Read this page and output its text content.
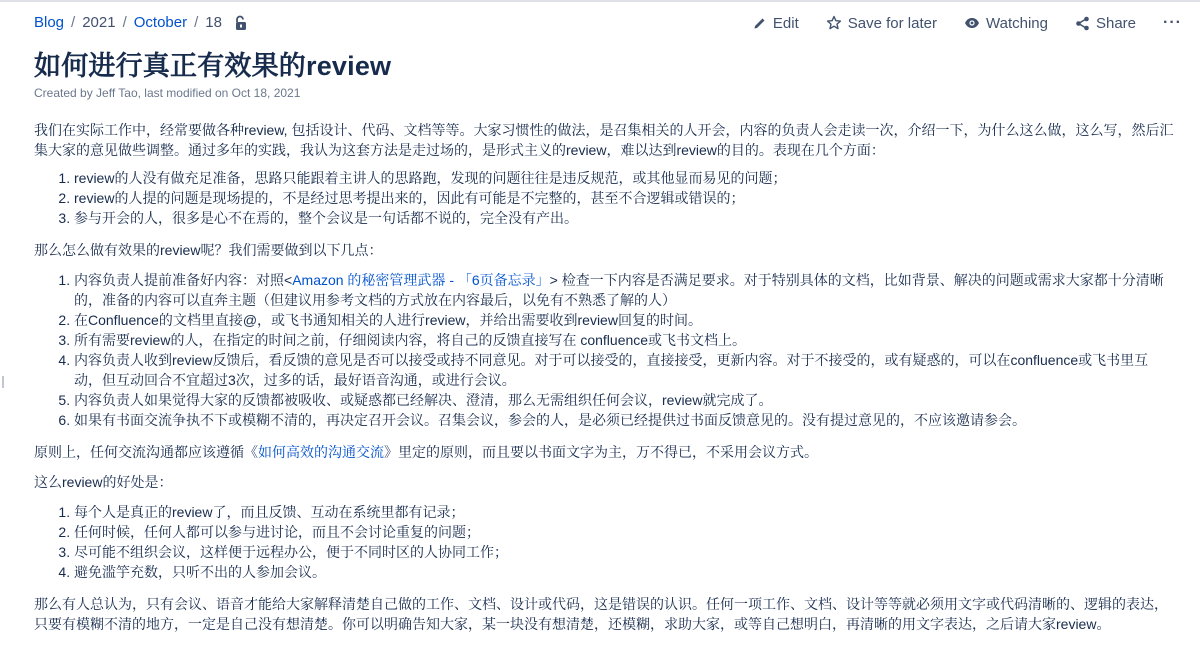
Blog / 2021 / October / 18	Edit	Save for later	Watching	Share ···
如何进行真正有效果的review
Created by Jeff Tao, last modified on Oct 18, 2021

我们在实际工作中，经常要做各种review, 包括设计、代码、文档等等。大家习惯性的做法，是召集相关的人开会，内容的负责人会走读一次，介绍一下，为什么这么做，这么写，然后汇集大家的意见做些调整。通过多年的实践，我认为这套方法是走过场的，是形式主义的review，难以达到review的目的。表现在几个方面：

1. review的人没有做充足准备，思路只能跟着主讲人的思路跑，发现的问题往往是违反规范，或其他显而易见的问题；
2. review的人提的问题是现场提的，不是经过思考提出来的，因此有可能是不完整的，甚至不合逻辑或错误的；
3. 参与开会的人，很多是心不在焉的，整个会议是一句话都不说的，完全没有产出。

那么怎么做有效果的review呢？我们需要做到以下几点：

1. 内容负责人提前准备好内容：对照<Amazon 的秘密管理武器 - 「6页备忘录」> 检查一下内容是否满足要求。对于特别具体的文档，比如背景、解决的问题或需求大家都十分清晰的，准备的内容可以直奔主题（但建议用参考文档的方式放在内容最后，以免有不熟悉了解的人）
2. 在Confluence的文档里直接@，或飞书通知相关的人进行review，并给出需要收到review回复的时间。
3. 所有需要review的人，在指定的时间之前，仔细阅读内容，将自己的反馈直接写在 confluence或飞书文档上。
4. 内容负责人收到review反馈后，看反馈的意见是否可以接受或持不同意见。对于可以接受的，直接接受，更新内容。对于不接受的，或有疑惑的，可以在confluence或飞书里互动，但互动回合不宜超过3次，过多的话，最好语音沟通，或进行会议。
5. 内容负责人如果觉得大家的反馈都被吸收、或疑惑都已经解决、澄清，那么无需组织任何会议，review就完成了。
6. 如果有书面交流争执不下或模糊不清的，再决定召开会议。召集会议，参会的人，是必须已经提供过书面反馈意见的。没有提过意见的，不应该邀请参会。

原则上，任何交流沟通都应该遵循《如何高效的沟通交流》里定的原则，而且要以书面文字为主，万不得已，不采用会议方式。

这么review的好处是：

1. 每个人是真正的review了，而且反馈、互动在系统里都有记录；
2. 任何时候，任何人都可以参与进讨论，而且不会讨论重复的问题；
3. 尽可能不组织会议，这样便于远程办公，便于不同时区的人协同工作；
4. 避免滥竽充数，只听不出的人参加会议。

那么有人总认为，只有会议、语音才能给大家解释清楚自己做的工作、文档、设计或代码，这是错误的认识。任何一项工作、文档、设计等等就必须用文字或代码清晰的、逻辑的表达，只要有模糊不清的地方，一定是自己没有想清楚。你可以明确告知大家，某一块没有想清楚，还模糊，求助大家，或等自己想明白，再清晰的用文字表达，之后请大家review。
